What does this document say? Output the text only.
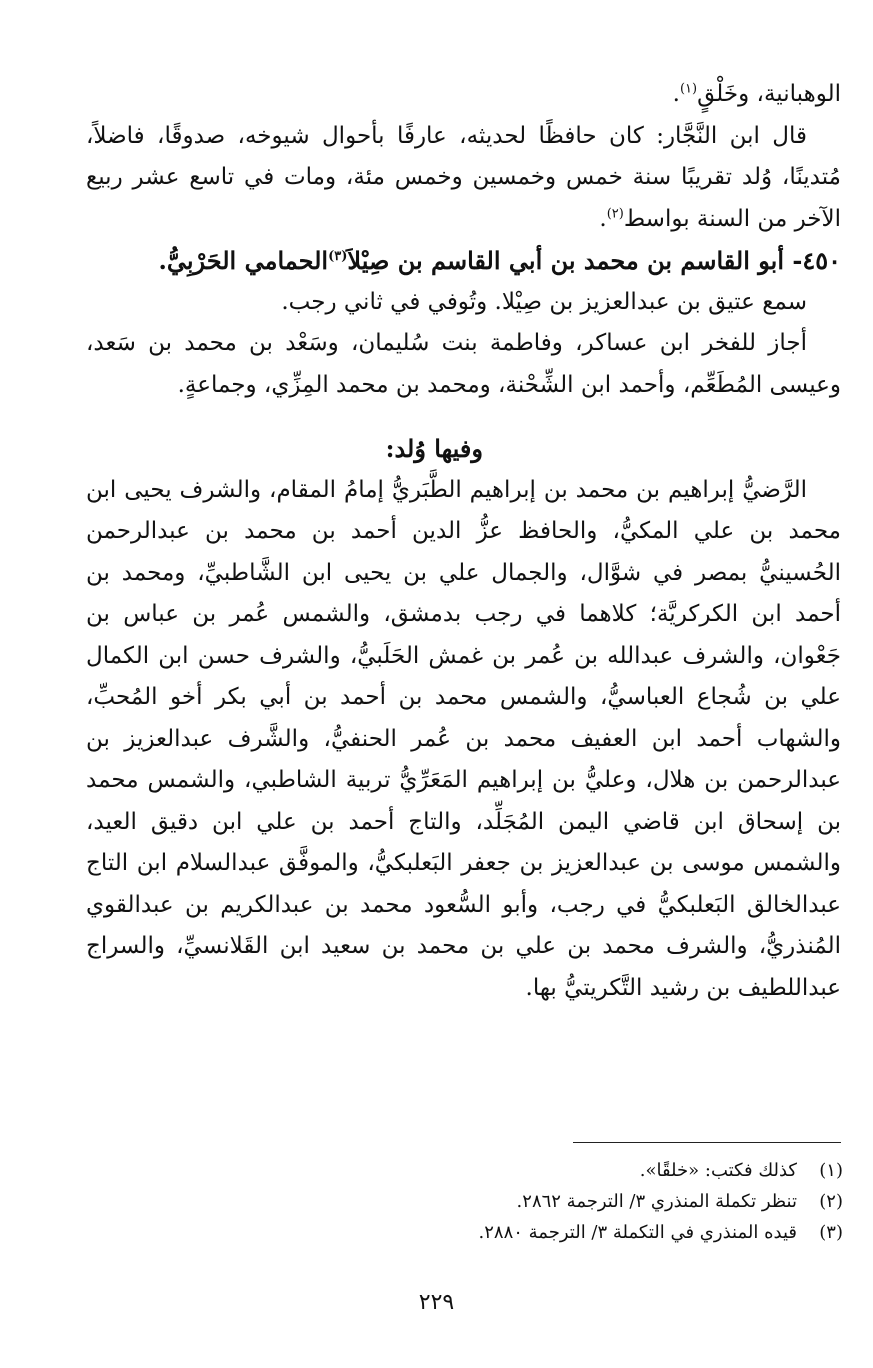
الوهبانية، وخَلْقٍ$^{(١)}$.

قال ابن النَّجَّار: كان حافظًا لحديثه، عارفًا بأحوال شيوخه، صدوقًا، فاضلاً، مُتدينًا، وُلد تقريبًا سنة خمس وخمسين وخمس مئة، ومات في تاسع عشر ربيع الآخر من السنة بواسط$^{(٢)}$.

٤٥٠- أبو القاسم بن محمد بن أبي القاسم بن صِيْلاَ$^{(٣)}$الحمامي الحَرْبِيُّ.

سمع عتيق بن عبدالعزيز بن صِيْلا. وتُوفي في ثاني رجب.

أجاز للفخر ابن عساكر، وفاطمة بنت سُليمان، وسَعْد بن محمد بن سَعد، وعيسى المُطَعِّم، وأحمد ابن الشِّحْنة، ومحمد بن محمد المِزِّي، وجماعةٍ.

وفيها وُلد:

الرَّضيُّ إبراهيم بن محمد بن إبراهيم الطَّبَريُّ إمامُ المقام، والشرف يحيى ابن محمد بن علي المكيُّ، والحافظ عزُّ الدين أحمد بن محمد بن عبدالرحمن الحُسينيُّ بمصر في شوَّال، والجمال علي بن يحيى ابن الشَّاطبيِّ، ومحمد بن أحمد ابن الكركريَّة؛ كلاهما في رجب بدمشق، والشمس عُمر بن عباس بن جَعْوان، والشرف عبدالله بن عُمر بن غمش الحَلَبيُّ، والشرف حسن ابن الكمال علي بن شُجاع العباسيُّ، والشمس محمد بن أحمد بن أبي بكر أخو المُحبِّ، والشهاب أحمد ابن العفيف محمد بن عُمر الحنفيُّ، والشَّرف عبدالعزيز بن عبدالرحمن بن هلال، وعليُّ بن إبراهيم المَعَرِّيُّ تربية الشاطبي، والشمس محمد بن إسحاق ابن قاضي اليمن المُجَلِّد، والتاج أحمد بن علي ابن دقيق العيد، والشمس موسى بن عبدالعزيز بن جعفر البَعلبكيُّ، والموفَّق عبدالسلام ابن التاج عبدالخالق البَعلبكيُّ في رجب، وأبو السُّعود محمد بن عبدالكريم بن عبدالقوي المُنذريُّ، والشرف محمد بن علي بن محمد بن سعيد ابن القَلانسيِّ، والسراج عبداللطيف بن رشيد التَّكريتيُّ بها.

(١)
كذلك فكتب: «خلقًا».
(٢)
تنظر تكملة المنذري ٣/ الترجمة ٢٨٦٢.
(٣)
قيده المنذري في التكملة ٣/ الترجمة ٢٨٨٠.
٢٢٩
